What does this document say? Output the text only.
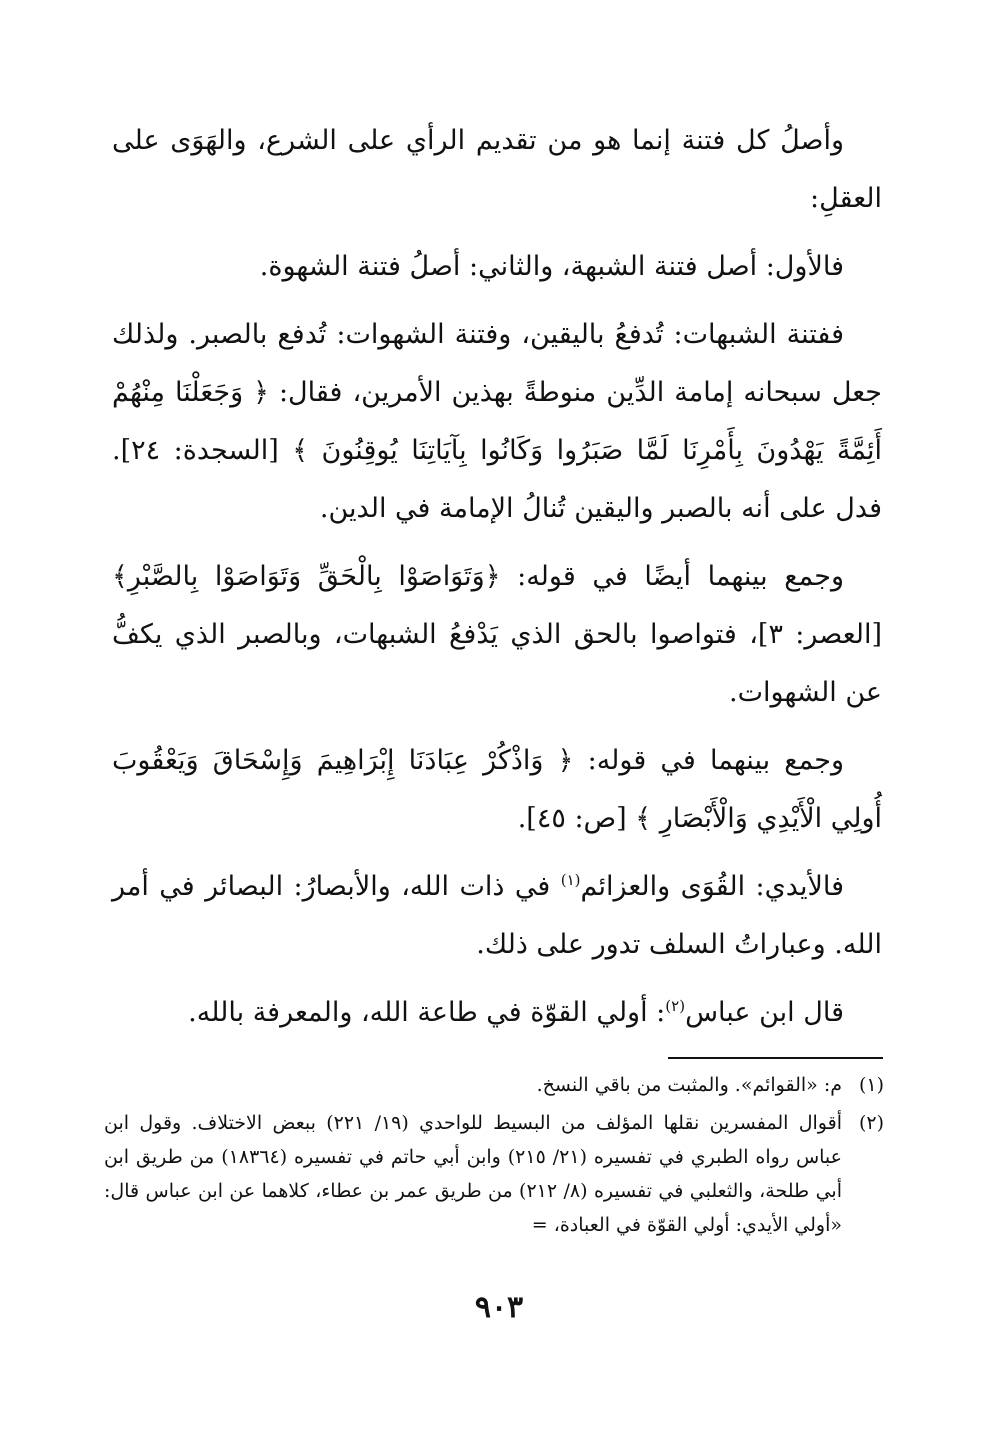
وأصلُ كل فتنة إنما هو من تقديم الرأي على الشرع، والهَوَى على العقلِ:

فالأول: أصل فتنة الشبهة، والثاني: أصلُ فتنة الشهوة.

ففتنة الشبهات: تُدفعُ باليقين، وفتنة الشهوات: تُدفع بالصبر. ولذلك جعل سبحانه إمامة الدِّين منوطةً بهذين الأمرين، فقال: ﴿ وَجَعَلْنَا مِنْهُمْ أَئِمَّةً يَهْدُونَ بِأَمْرِنَا لَمَّا صَبَرُوا وَكَانُوا بِآيَاتِنَا يُوقِنُونَ ﴾ [السجدة: ٢٤]. فدل على أنه بالصبر واليقين تُنالُ الإمامة في الدين.

وجمع بينهما أيضًا في قوله: ﴿وَتَوَاصَوْا بِالْحَقِّ وَتَوَاصَوْا بِالصَّبْرِ﴾ [العصر: ٣]، فتواصوا بالحق الذي يَدْفعُ الشبهات، وبالصبر الذي يكفُّ عن الشهوات.

وجمع بينهما في قوله: ﴿ وَاذْكُرْ عِبَادَنَا إِبْرَاهِيمَ وَإِسْحَاقَ وَيَعْقُوبَ أُولِي الْأَيْدِي وَالْأَبْصَارِ ﴾ [ص: ٤٥].

فالأيدي: القُوَى والعزائم$^{(١)}$ في ذات الله، والأبصارُ: البصائر في أمر الله. وعباراتُ السلف تدور على ذلك.

قال ابن عباس$^{(٢)}$: أولي القوّة في طاعة الله، والمعرفة بالله.

(١)
م: «القوائم». والمثبت من باقي النسخ.
(٢)
أقوال المفسرين نقلها المؤلف من البسيط للواحدي (١٩/ ٢٢١) ببعض الاختلاف. وقول ابن عباس رواه الطبري في تفسيره (٢١/ ٢١٥) وابن أبي حاتم في تفسيره (١٨٣٦٤) من طريق ابن أبي طلحة، والثعلبي في تفسيره (٨/ ٢١٢) من طريق عمر بن عطاء، كلاهما عن ابن عباس قال: «أولي الأيدي: أولي القوّة في العبادة، =
٩٠٣
